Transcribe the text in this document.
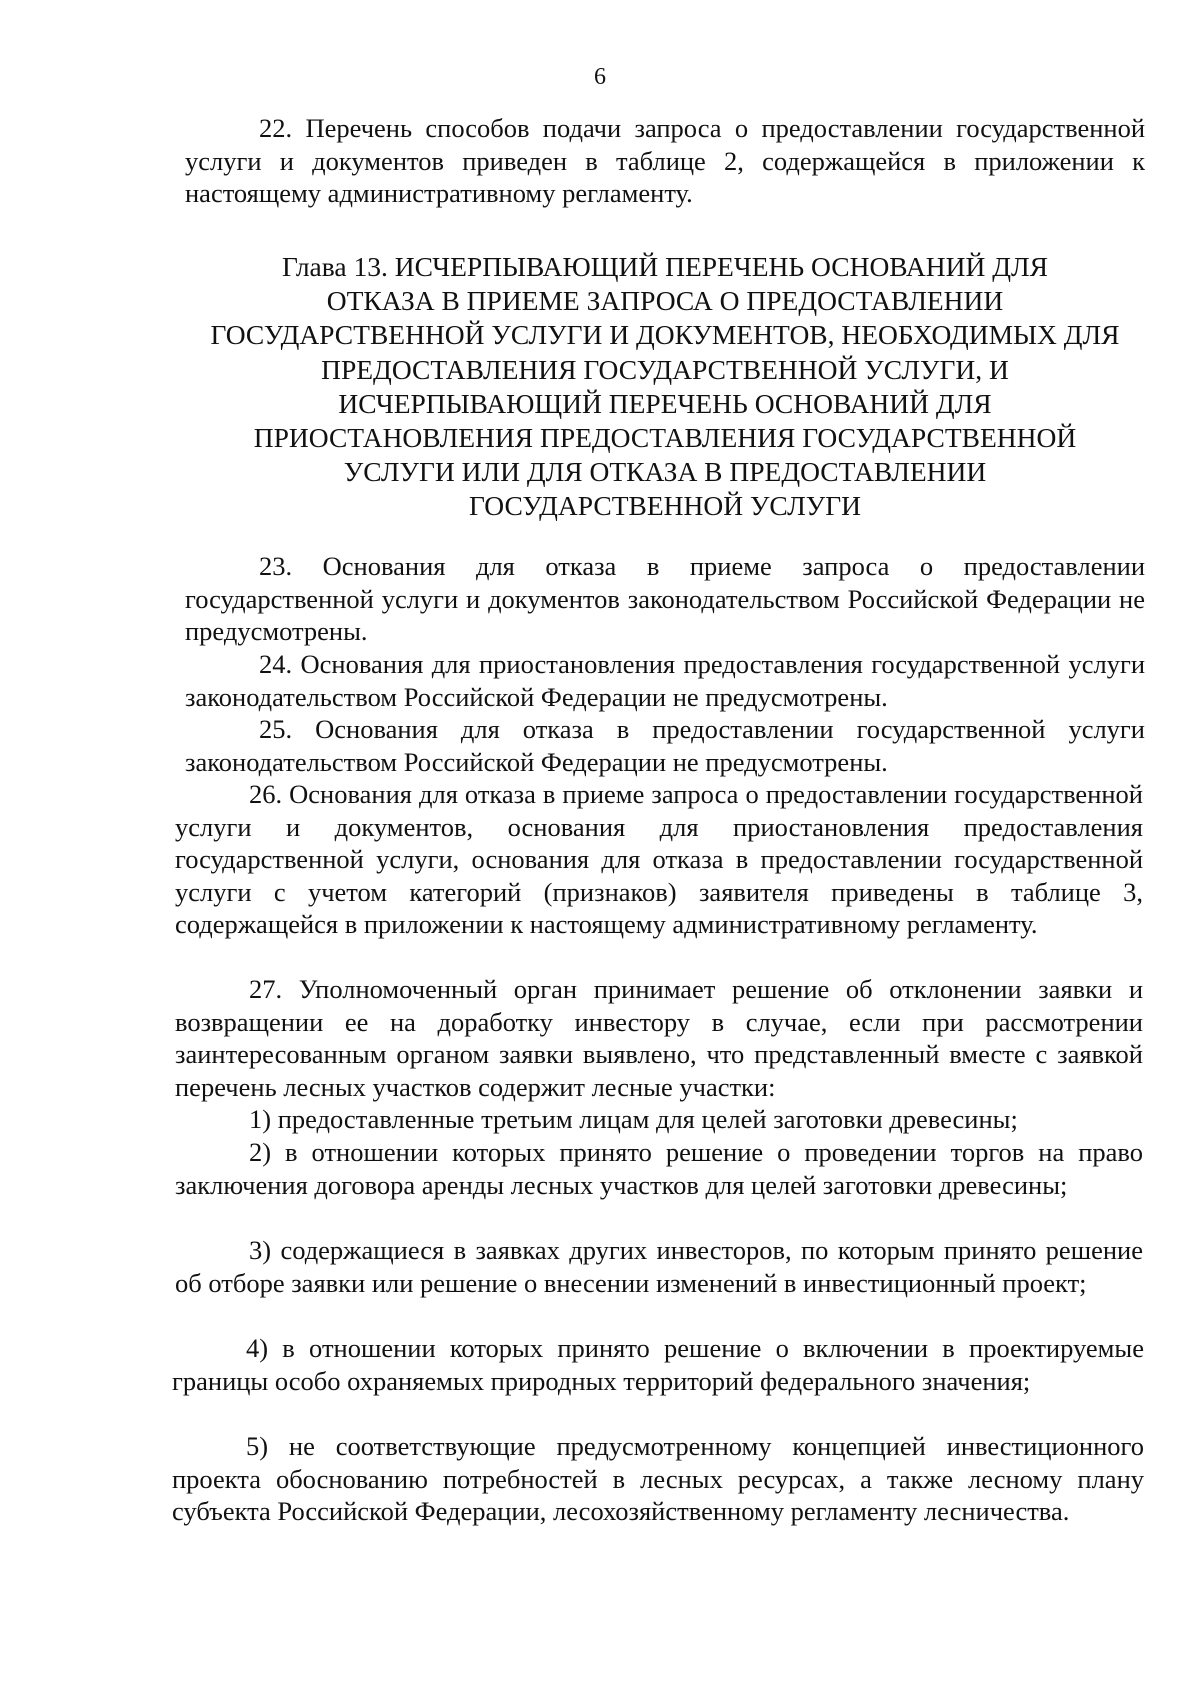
6

22. Перечень способов подачи запроса о предоставлении государственной услуги и документов приведен в таблице 2, содержащейся в приложении к настоящему административному регламенту.

Глава 13. ИСЧЕРПЫВАЮЩИЙ ПЕРЕЧЕНЬ ОСНОВАНИЙ ДЛЯ
ОТКАЗА В ПРИЕМЕ ЗАПРОСА О ПРЕДОСТАВЛЕНИИ
ГОСУДАРСТВЕННОЙ УСЛУГИ И ДОКУМЕНТОВ, НЕОБХОДИМЫХ ДЛЯ
ПРЕДОСТАВЛЕНИЯ ГОСУДАРСТВЕННОЙ УСЛУГИ, И
ИСЧЕРПЫВАЮЩИЙ ПЕРЕЧЕНЬ ОСНОВАНИЙ ДЛЯ
ПРИОСТАНОВЛЕНИЯ ПРЕДОСТАВЛЕНИЯ ГОСУДАРСТВЕННОЙ
УСЛУГИ ИЛИ ДЛЯ ОТКАЗА В ПРЕДОСТАВЛЕНИИ
ГОСУДАРСТВЕННОЙ УСЛУГИ

23. Основания для отказа в приеме запроса о предоставлении государственной услуги и документов законодательством Российской Федерации не предусмотрены.

24. Основания для приостановления предоставления государственной услуги законодательством Российской Федерации не предусмотрены.

25. Основания для отказа в предоставлении государственной услуги законодательством Российской Федерации не предусмотрены.

26. Основания для отказа в приеме запроса о предоставлении государственной услуги и документов, основания для приостановления предоставления государственной услуги, основания для отказа в предоставлении государственной услуги с учетом категорий (признаков) заявителя приведены в таблице 3, содержащейся в приложении к настоящему административному регламенту.

27. Уполномоченный орган принимает решение об отклонении заявки и возвращении ее на доработку инвестору в случае, если при рассмотрении заинтересованным органом заявки выявлено, что представленный вместе с заявкой перечень лесных участков содержит лесные участки:

1) предоставленные третьим лицам для целей заготовки древесины;

2) в отношении которых принято решение о проведении торгов на право заключения договора аренды лесных участков для целей заготовки древесины;

3) содержащиеся в заявках других инвесторов, по которым принято решение об отборе заявки или решение о внесении изменений в инвестиционный проект;

4) в отношении которых принято решение о включении в проектируемые границы особо охраняемых природных территорий федерального значения;

5) не соответствующие предусмотренному концепцией инвестиционного проекта обоснованию потребностей в лесных ресурсах, а также лесному плану субъекта Российской Федерации, лесохозяйственному регламенту лесничества.
